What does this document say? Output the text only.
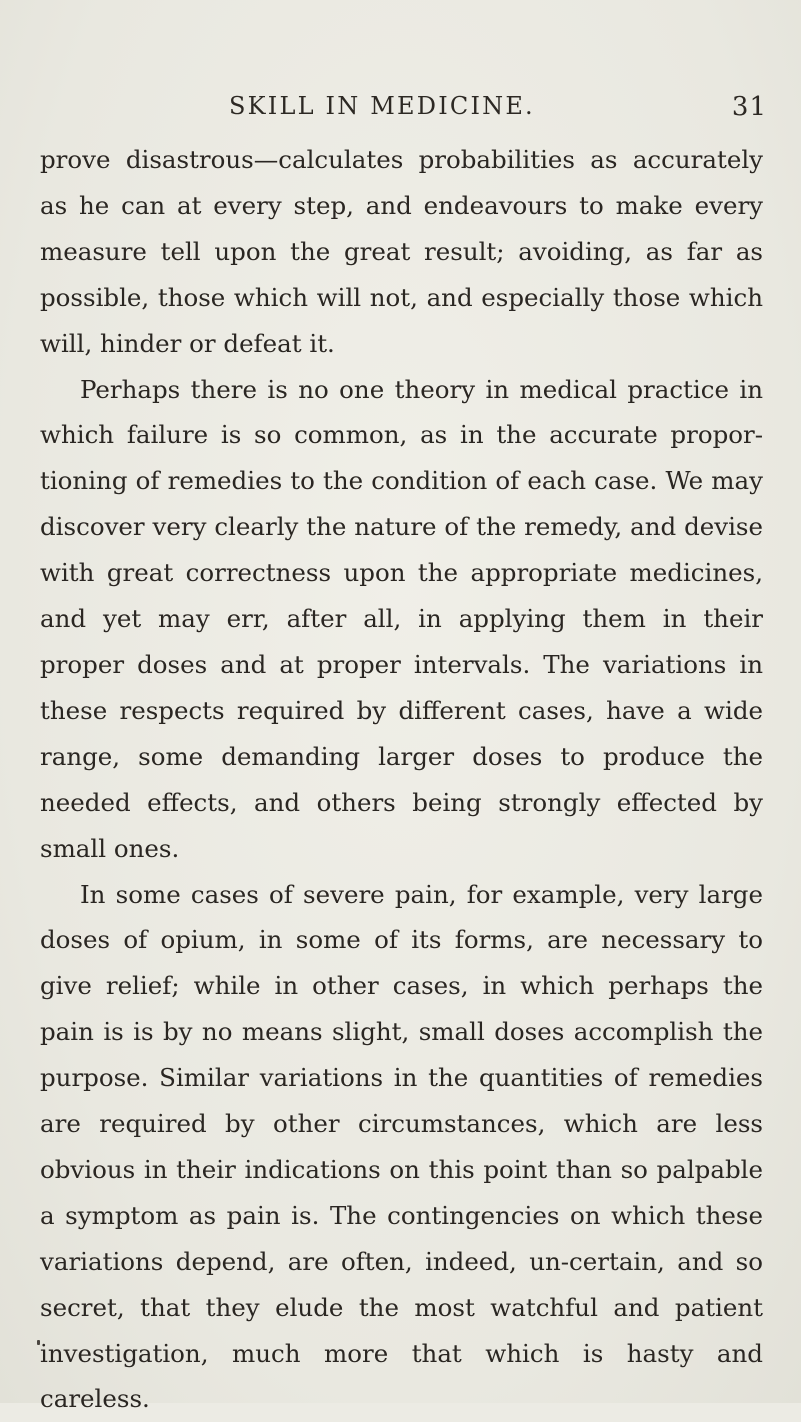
SKILL IN MEDICINE.	31

prove disastrous—calculates probabilities as accurately as he can at every step, and endeavours to make every measure tell upon the great result; avoiding, as far as possible, those which will not, and especially those which will, hinder or defeat it.

Perhaps there is no one theory in medical practice in which failure is so common, as in the accurate propor-tioning of remedies to the condition of each case. We may discover very clearly the nature of the remedy, and devise with great correctness upon the appropriate medicines, and yet may err, after all, in applying them in their proper doses and at proper intervals. The variations in these respects required by different cases, have a wide range, some demanding larger doses to produce the needed effects, and others being strongly effected by small ones.

In some cases of severe pain, for example, very large doses of opium, in some of its forms, are necessary to give relief; while in other cases, in which perhaps the pain is is by no means slight, small doses accomplish the purpose. Similar variations in the quantities of remedies are required by other circumstances, which are less obvious in their indications on this point than so palpable a symptom as pain is. The contingencies on which these variations depend, are often, indeed, un-certain, and so secret, that they elude the most watchful and patient investigation, much more that which is hasty and careless.
